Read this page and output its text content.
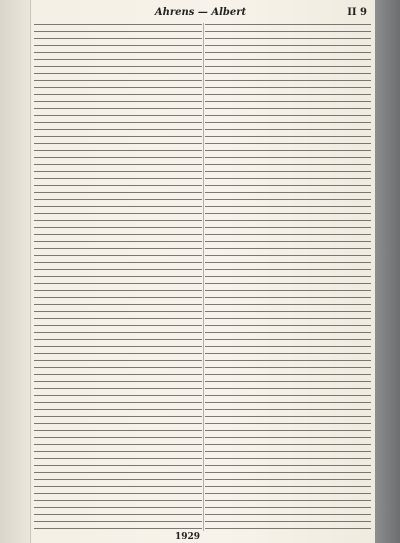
Ahrens — Albert	II 9
1929
